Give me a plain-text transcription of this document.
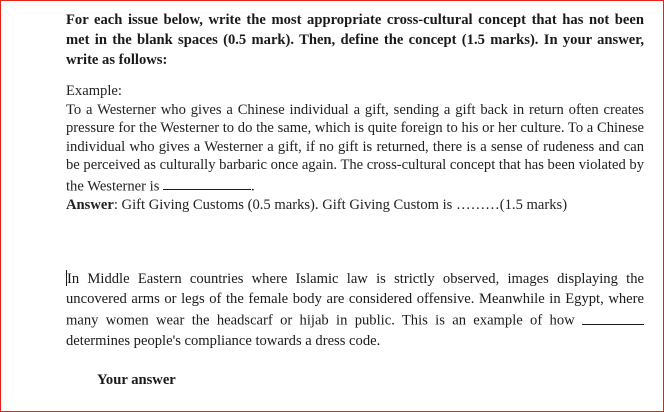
For each issue below, write the most appropriate cross-cultural concept that has not been met in the blank spaces (0.5 mark). Then, define the concept (1.5 marks). In your answer, write as follows:

Example:

To a Westerner who gives a Chinese individual a gift, sending a gift back in return often creates pressure for the Westerner to do the same, which is quite foreign to his or her culture. To a Chinese individual who gives a Westerner a gift, if no gift is returned, there is a sense of rudeness and can be perceived as culturally barbaric once again. The cross-cultural concept that has been violated by the Westerner is	.

Answer: Gift Giving Customs (0.5 marks). Gift Giving Custom is ………(1.5 marks)

In Middle Eastern countries where Islamic law is strictly observed, images displaying the uncovered arms or legs of the female body are considered offensive. Meanwhile in Egypt, where many women wear the headscarf or hijab in public. This is an example of how  determines people's compliance towards a dress code.

Your answer
